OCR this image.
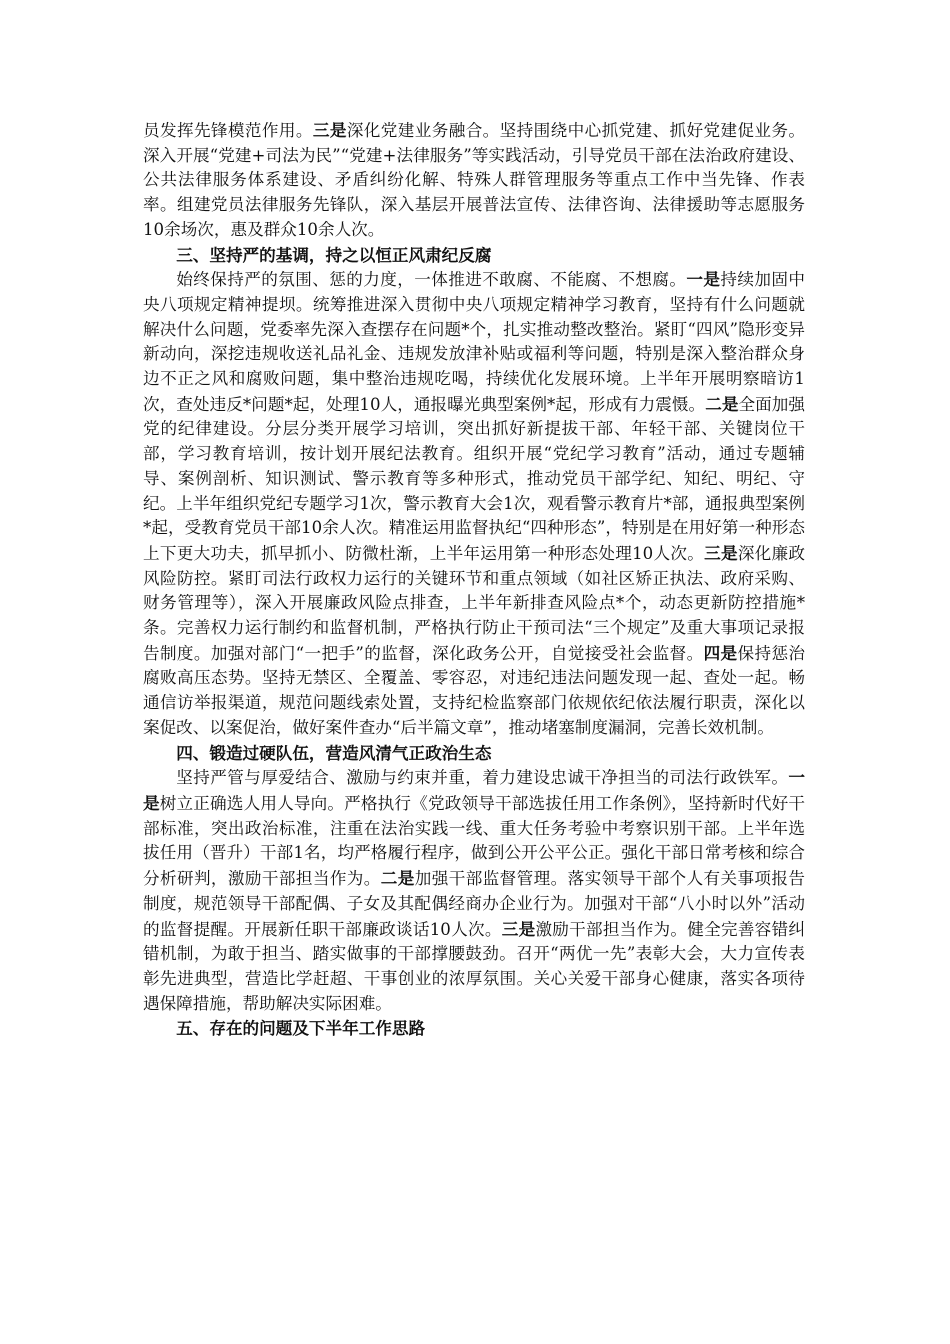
员发挥先锋模范作用。三是深化党建业务融合。坚持围绕中心抓党建、抓好党建促业务。深入开展“党建+司法为民”“党建+法律服务”等实践活动，引导党员干部在法治政府建设、公共法律服务体系建设、矛盾纠纷化解、特殊人群管理服务等重点工作中当先锋、作表率。组建党员法律服务先锋队，深入基层开展普法宣传、法律咨询、法律援助等志愿服务10余场次，惠及群众10余人次。

三、坚持严的基调，持之以恒正风肃纪反腐

始终保持严的氛围、惩的力度，一体推进不敢腐、不能腐、不想腐。一是持续加固中央八项规定精神提坝。统筹推进深入贯彻中央八项规定精神学习教育，坚持有什么问题就解决什么问题，党委率先深入查摆存在问题*个，扎实推动整改整治。紧盯“四风”隐形变异新动向，深挖违规收送礼品礼金、违规发放津补贴或福利等问题，特别是深入整治群众身边不正之风和腐败问题，集中整治违规吃喝，持续优化发展环境。上半年开展明察暗访1次，查处违反*问题*起，处理10人，通报曝光典型案例*起，形成有力震慑。二是全面加强党的纪律建设。分层分类开展学习培训，突出抓好新提拔干部、年轻干部、关键岗位干部，学习教育培训，按计划开展纪法教育。组织开展“党纪学习教育”活动，通过专题辅导、案例剖析、知识测试、警示教育等多种形式，推动党员干部学纪、知纪、明纪、守纪。上半年组织党纪专题学习1次，警示教育大会1次，观看警示教育片*部，通报典型案例*起，受教育党员干部10余人次。精准运用监督执纪“四种形态”，特别是在用好第一种形态上下更大功夫，抓早抓小、防微杜渐，上半年运用第一种形态处理10人次。三是深化廉政风险防控。紧盯司法行政权力运行的关键环节和重点领域（如社区矫正执法、政府采购、财务管理等），深入开展廉政风险点排查，上半年新排查风险点*个，动态更新防控措施*条。完善权力运行制约和监督机制，严格执行防止干预司法“三个规定”及重大事项记录报告制度。加强对部门“一把手”的监督，深化政务公开，自觉接受社会监督。四是保持惩治腐败高压态势。坚持无禁区、全覆盖、零容忍，对违纪违法问题发现一起、查处一起。畅通信访举报渠道，规范问题线索处置，支持纪检监察部门依规依纪依法履行职责，深化以案促改、以案促治，做好案件查办“后半篇文章”，推动堵塞制度漏洞，完善长效机制。

四、锻造过硬队伍，营造风清气正政治生态

坚持严管与厚爱结合、激励与约束并重，着力建设忠诚干净担当的司法行政铁军。一是树立正确选人用人导向。严格执行《党政领导干部选拔任用工作条例》，坚持新时代好干部标准，突出政治标准，注重在法治实践一线、重大任务考验中考察识别干部。上半年选拔任用（晋升）干部1名，均严格履行程序，做到公开公平公正。强化干部日常考核和综合分析研判，激励干部担当作为。二是加强干部监督管理。落实领导干部个人有关事项报告制度，规范领导干部配偶、子女及其配偶经商办企业行为。加强对干部“八小时以外”活动的监督提醒。开展新任职干部廉政谈话10人次。三是激励干部担当作为。健全完善容错纠错机制，为敢于担当、踏实做事的干部撑腰鼓劲。召开“两优一先”表彰大会，大力宣传表彰先进典型，营造比学赶超、干事创业的浓厚氛围。关心关爱干部身心健康，落实各项待遇保障措施，帮助解决实际困难。

五、存在的问题及下半年工作思路
